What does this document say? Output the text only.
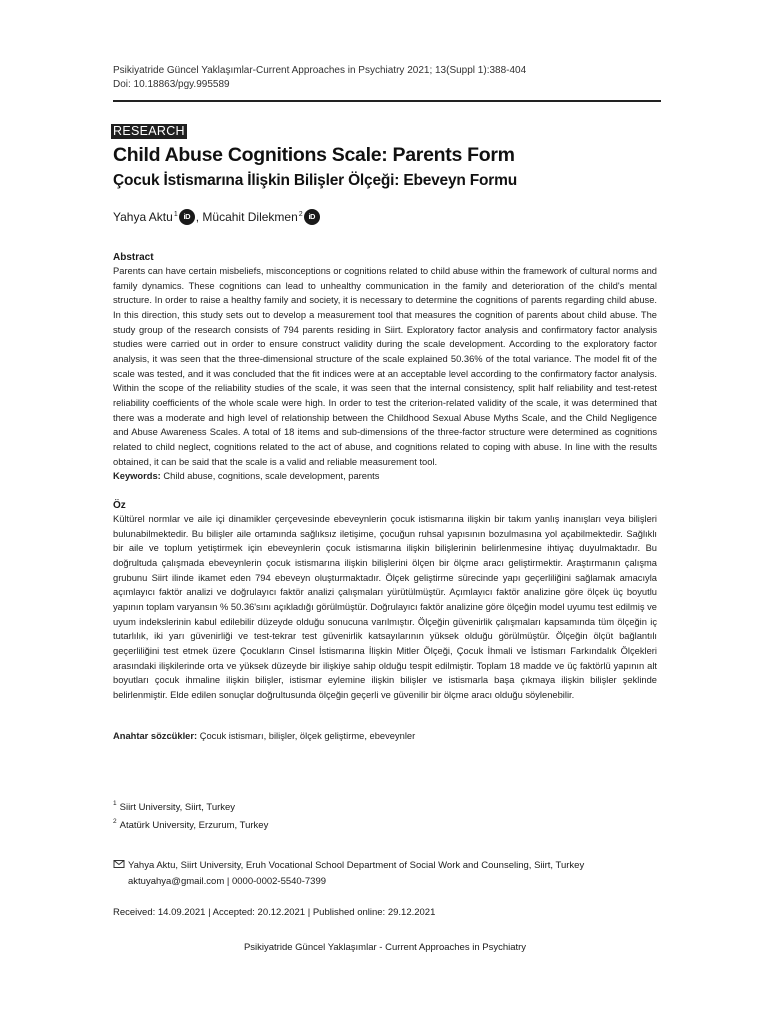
Psikiyatride Güncel Yaklaşımlar-Current Approaches in Psychiatry 2021; 13(Suppl 1):388-404
Doi: 10.18863/pgy.995589
RESEARCH
Child Abuse Cognitions Scale: Parents Form
Çocuk İstismarına İlişkin Bilişler Ölçeği: Ebeveyn Formu
Yahya Aktu$^1$ iD , Mücahit Dilekmen$^2$ iD
Abstract

Parents can have certain misbeliefs, misconceptions or cognitions related to child abuse within the framework of cultural norms and family dynamics. These cognitions can lead to unhealthy communication in the family and deterioration of the child's mental structure. In order to raise a healthy family and society, it is necessary to determine the cognitions of parents regarding child abuse. In this direction, this study sets out to develop a measurement tool that measures the cognition of parents about child abuse. The study group of the research consists of 794 parents residing in Siirt. Exploratory factor analysis and confirmatory factor analysis studies were carried out in order to ensure construct validity during the scale development. According to the exploratory factor analysis, it was seen that the three-dimensional structure of the scale explained 50.36% of the total variance. The model fit of the scale was tested, and it was concluded that the fit indices were at an acceptable level according to the confirmatory factor analysis. Within the scope of the reliability studies of the scale, it was seen that the internal consistency, split half reliability and test-retest reliability coefficients of the whole scale were high. In order to test the criterion-related validity of the scale, it was determined that there was a moderate and high level of relationship between the Childhood Sexual Abuse Myths Scale, and the Child Negligence and Abuse Awareness Scales. A total of 18 items and sub-dimensions of the three-factor structure were determined as cognitions related to child neglect, cognitions related to the act of abuse, and cognitions related to coping with abuse. In line with the results obtained, it can be said that the scale is a valid and reliable measurement tool.

Keywords: Child abuse, cognitions, scale development, parents
Öz

Kültürel normlar ve aile içi dinamikler çerçevesinde ebeveynlerin çocuk istismarına ilişkin bir takım yanlış inanışları veya bilişleri bulunabilmektedir. Bu bilişler aile ortamında sağlıksız iletişime, çocuğun ruhsal yapısının bozulmasına yol açabilmektedir. Sağlıklı bir aile ve toplum yetiştirmek için ebeveynlerin çocuk istismarına ilişkin bilişlerinin belirlenmesine ihtiyaç duyulmaktadır. Bu doğrultuda çalışmada ebeveynlerin çocuk istismarına ilişkin bilişlerini ölçen bir ölçme aracı geliştirmektir. Araştırmanın çalışma grubunu Siirt ilinde ikamet eden 794 ebeveyn oluşturmaktadır. Ölçek geliştirme sürecinde yapı geçerliliğini sağlamak amacıyla açımlayıcı faktör analizi ve doğrulayıcı faktör analizi çalışmaları yürütülmüştür. Açımlayıcı faktör analizine göre ölçek üç boyutlu yapının toplam varyansın % 50.36'sını açıkladığı görülmüştür. Doğrulayıcı faktör analizine göre ölçeğin model uyumu test edilmiş ve uyum indekslerinin kabul edilebilir düzeyde olduğu sonucuna varılmıştır. Ölçeğin güvenirlik çalışmaları kapsamında tüm ölçeğin iç tutarlılık, iki yarı güvenirliği ve test-tekrar test güvenirlik katsayılarının yüksek olduğu görülmüştür. Ölçeğin ölçüt bağlantılı geçerliliğini test etmek üzere Çocukların Cinsel İstismarına İlişkin Mitler Ölçeği, Çocuk İhmali ve İstismarı Farkındalık Ölçekleri arasındaki ilişkilerinde orta ve yüksek düzeyde bir ilişkiye sahip olduğu tespit edilmiştir. Toplam 18 madde ve üç faktörlü yapının alt boyutları çocuk ihmaline ilişkin bilişler, istismar eylemine ilişkin bilişler ve istismarla başa çıkmaya ilişkin bilişler şeklinde belirlenmiştir. Elde edilen sonuçlar doğrultusunda ölçeğin geçerli ve güvenilir bir ölçme aracı olduğu söylenebilir.

Anahtar sözcükler: Çocuk istismarı, bilişler, ölçek geliştirme, ebeveynler
$^1$ Siirt University, Siirt, Turkey
$^2$ Atatürk University, Erzurum, Turkey
Yahya Aktu, Siirt University, Eruh Vocational School Department of Social Work and Counseling, Siirt, Turkey
aktuyahya@gmail.com | 0000-0002-5540-7399
Received: 14.09.2021 | Accepted: 20.12.2021 | Published online: 29.12.2021
Psikiyatride Güncel Yaklaşımlar - Current Approaches in Psychiatry
